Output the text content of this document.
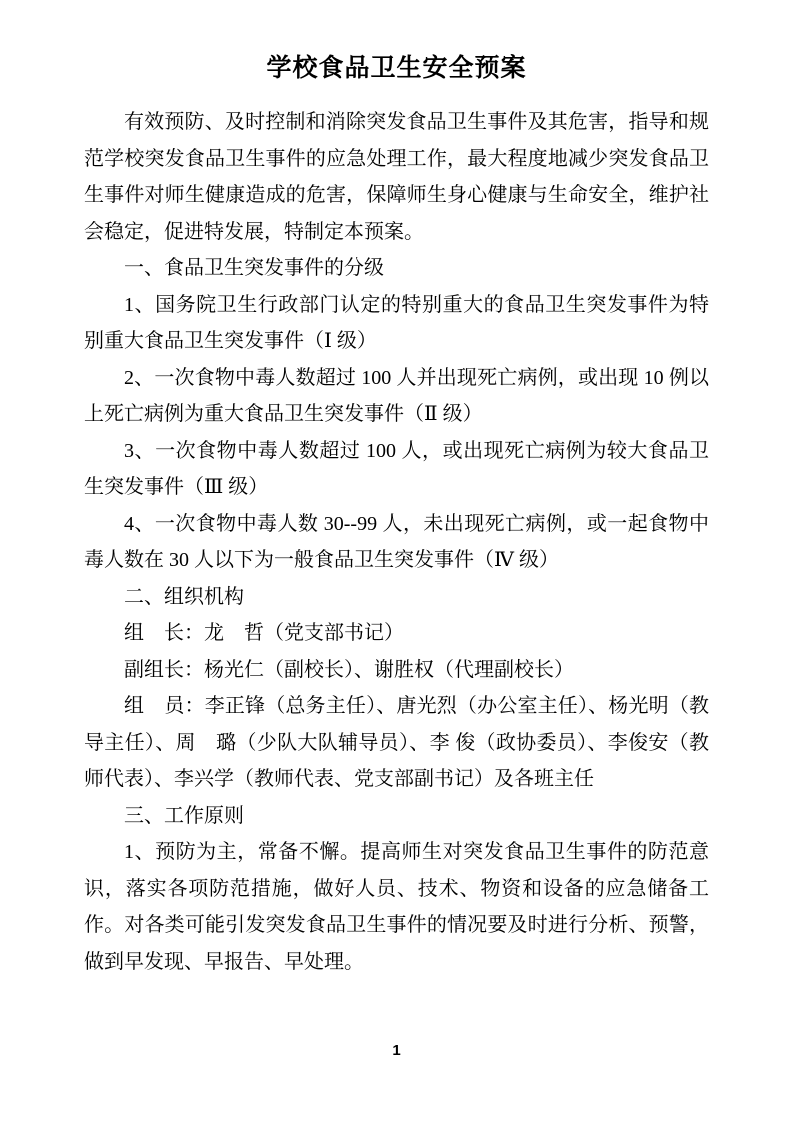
学校食品卫生安全预案

有效预防、及时控制和消除突发食品卫生事件及其危害，指导和规范学校突发食品卫生事件的应急处理工作，最大程度地减少突发食品卫生事件对师生健康造成的危害，保障师生身心健康与生命安全，维护社会稳定，促进特发展，特制定本预案。

一、食品卫生突发事件的分级

1、国务院卫生行政部门认定的特别重大的食品卫生突发事件为特别重大食品卫生突发事件（Ⅰ 级）

2、一次食物中毒人数超过 100 人并出现死亡病例，或出现 10 例以上死亡病例为重大食品卫生突发事件（Ⅱ 级）

3、一次食物中毒人数超过 100 人，或出现死亡病例为较大食品卫生突发事件（Ⅲ 级）

4、一次食物中毒人数 30--99 人，未出现死亡病例，或一起食物中毒人数在 30 人以下为一般食品卫生突发事件（Ⅳ 级）

二、组织机构

组　长：龙　哲（党支部书记）

副组长：杨光仁（副校长）、谢胜权（代理副校长）

组　员：李正锋（总务主任）、唐光烈（办公室主任）、杨光明（教导主任）、周　璐（少队大队辅导员）、李 俊（政协委员）、李俊安（教师代表）、李兴学（教师代表、党支部副书记）及各班主任

三、工作原则

1、预防为主，常备不懈。提高师生对突发食品卫生事件的防范意识，落实各项防范措施，做好人员、技术、物资和设备的应急储备工作。对各类可能引发突发食品卫生事件的情况要及时进行分析、预警，做到早发现、早报告、早处理。

1
